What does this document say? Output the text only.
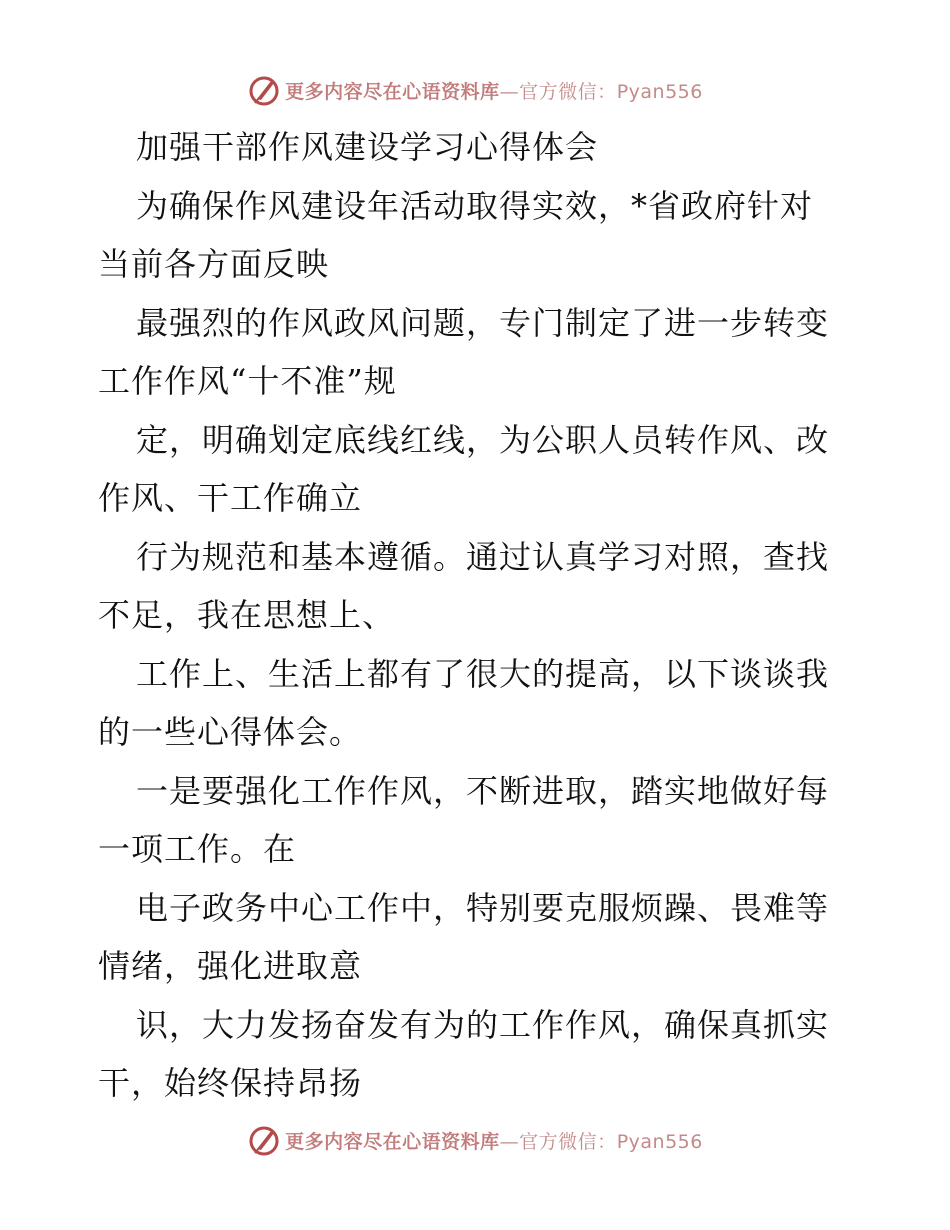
更多内容尽在心语资料库—官方微信：Pyan556
加强干部作风建设学习心得体会
为确保作风建设年活动取得实效，*省政府针对
当前各方面反映
最强烈的作风政风问题，专门制定了进一步转变
工作作风“十不准”规
定，明确划定底线红线，为公职人员转作风、改
作风、干工作确立
行为规范和基本遵循。通过认真学习对照，查找
不足，我在思想上、
工作上、生活上都有了很大的提高，以下谈谈我
的一些心得体会。
一是要强化工作作风，不断进取，踏实地做好每
一项工作。在
电子政务中心工作中，特别要克服烦躁、畏难等
情绪，强化进取意
识，大力发扬奋发有为的工作作风，确保真抓实
干，始终保持昂扬
更多内容尽在心语资料库—官方微信：Pyan556
